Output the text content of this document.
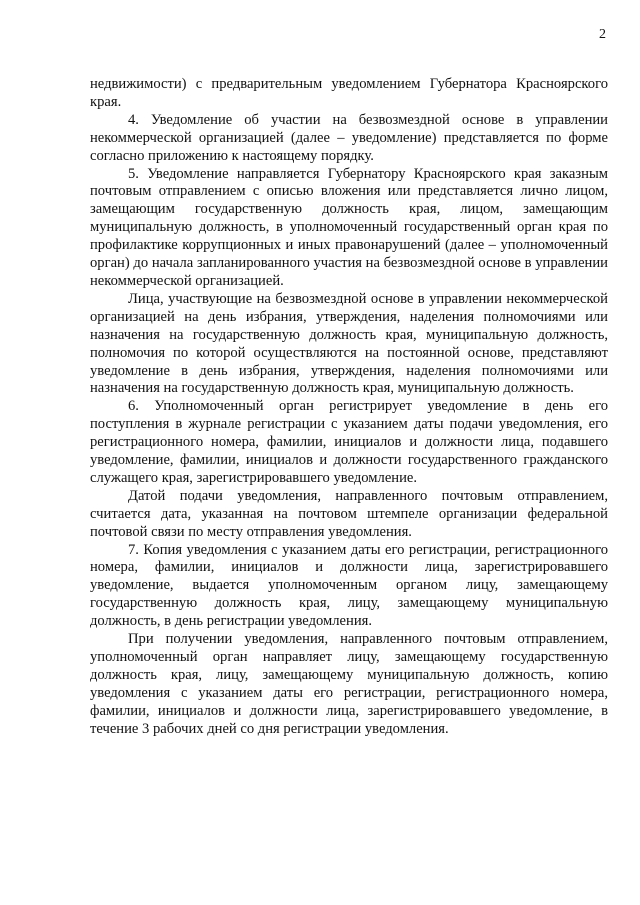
2

недвижимости) с предварительным уведомлением Губернатора Красноярского края.

4. Уведомление об участии на безвозмездной основе в управлении некоммерческой организацией (далее – уведомление) представляется по форме согласно приложению к настоящему порядку.

5. Уведомление направляется Губернатору Красноярского края заказным почтовым отправлением с описью вложения или представляется лично лицом, замещающим государственную должность края, лицом, замещающим муниципальную должность, в уполномоченный государственный орган края по профилактике коррупционных и иных правонарушений (далее – уполномоченный орган) до начала запланированного участия на безвозмездной основе в управлении некоммерческой организацией.

Лица, участвующие на безвозмездной основе в управлении некоммерческой организацией на день избрания, утверждения, наделения полномочиями или назначения на государственную должность края, муниципальную должность, полномочия по которой осуществляются на постоянной основе, представляют уведомление в день избрания, утверждения, наделения полномочиями или назначения на государственную должность края, муниципальную должность.

6. Уполномоченный орган регистрирует уведомление в день его поступления в журнале регистрации с указанием даты подачи уведомления, его регистрационного номера, фамилии, инициалов и должности лица, подавшего уведомление, фамилии, инициалов и должности государственного гражданского служащего края, зарегистрировавшего уведомление.

Датой подачи уведомления, направленного почтовым отправлением, считается дата, указанная на почтовом штемпеле организации федеральной почтовой связи по месту отправления уведомления.

7. Копия уведомления с указанием даты его регистрации, регистрационного номера, фамилии, инициалов и должности лица, зарегистрировавшего уведомление, выдается уполномоченным органом лицу, замещающему государственную должность края, лицу, замещающему муниципальную должность, в день регистрации уведомления.

При получении уведомления, направленного почтовым отправлением, уполномоченный орган направляет лицу, замещающему государственную должность края, лицу, замещающему муниципальную должность, копию уведомления с указанием даты его регистрации, регистрационного номера, фамилии, инициалов и должности лица, зарегистрировавшего уведомление, в течение 3 рабочих дней со дня регистрации уведомления.
